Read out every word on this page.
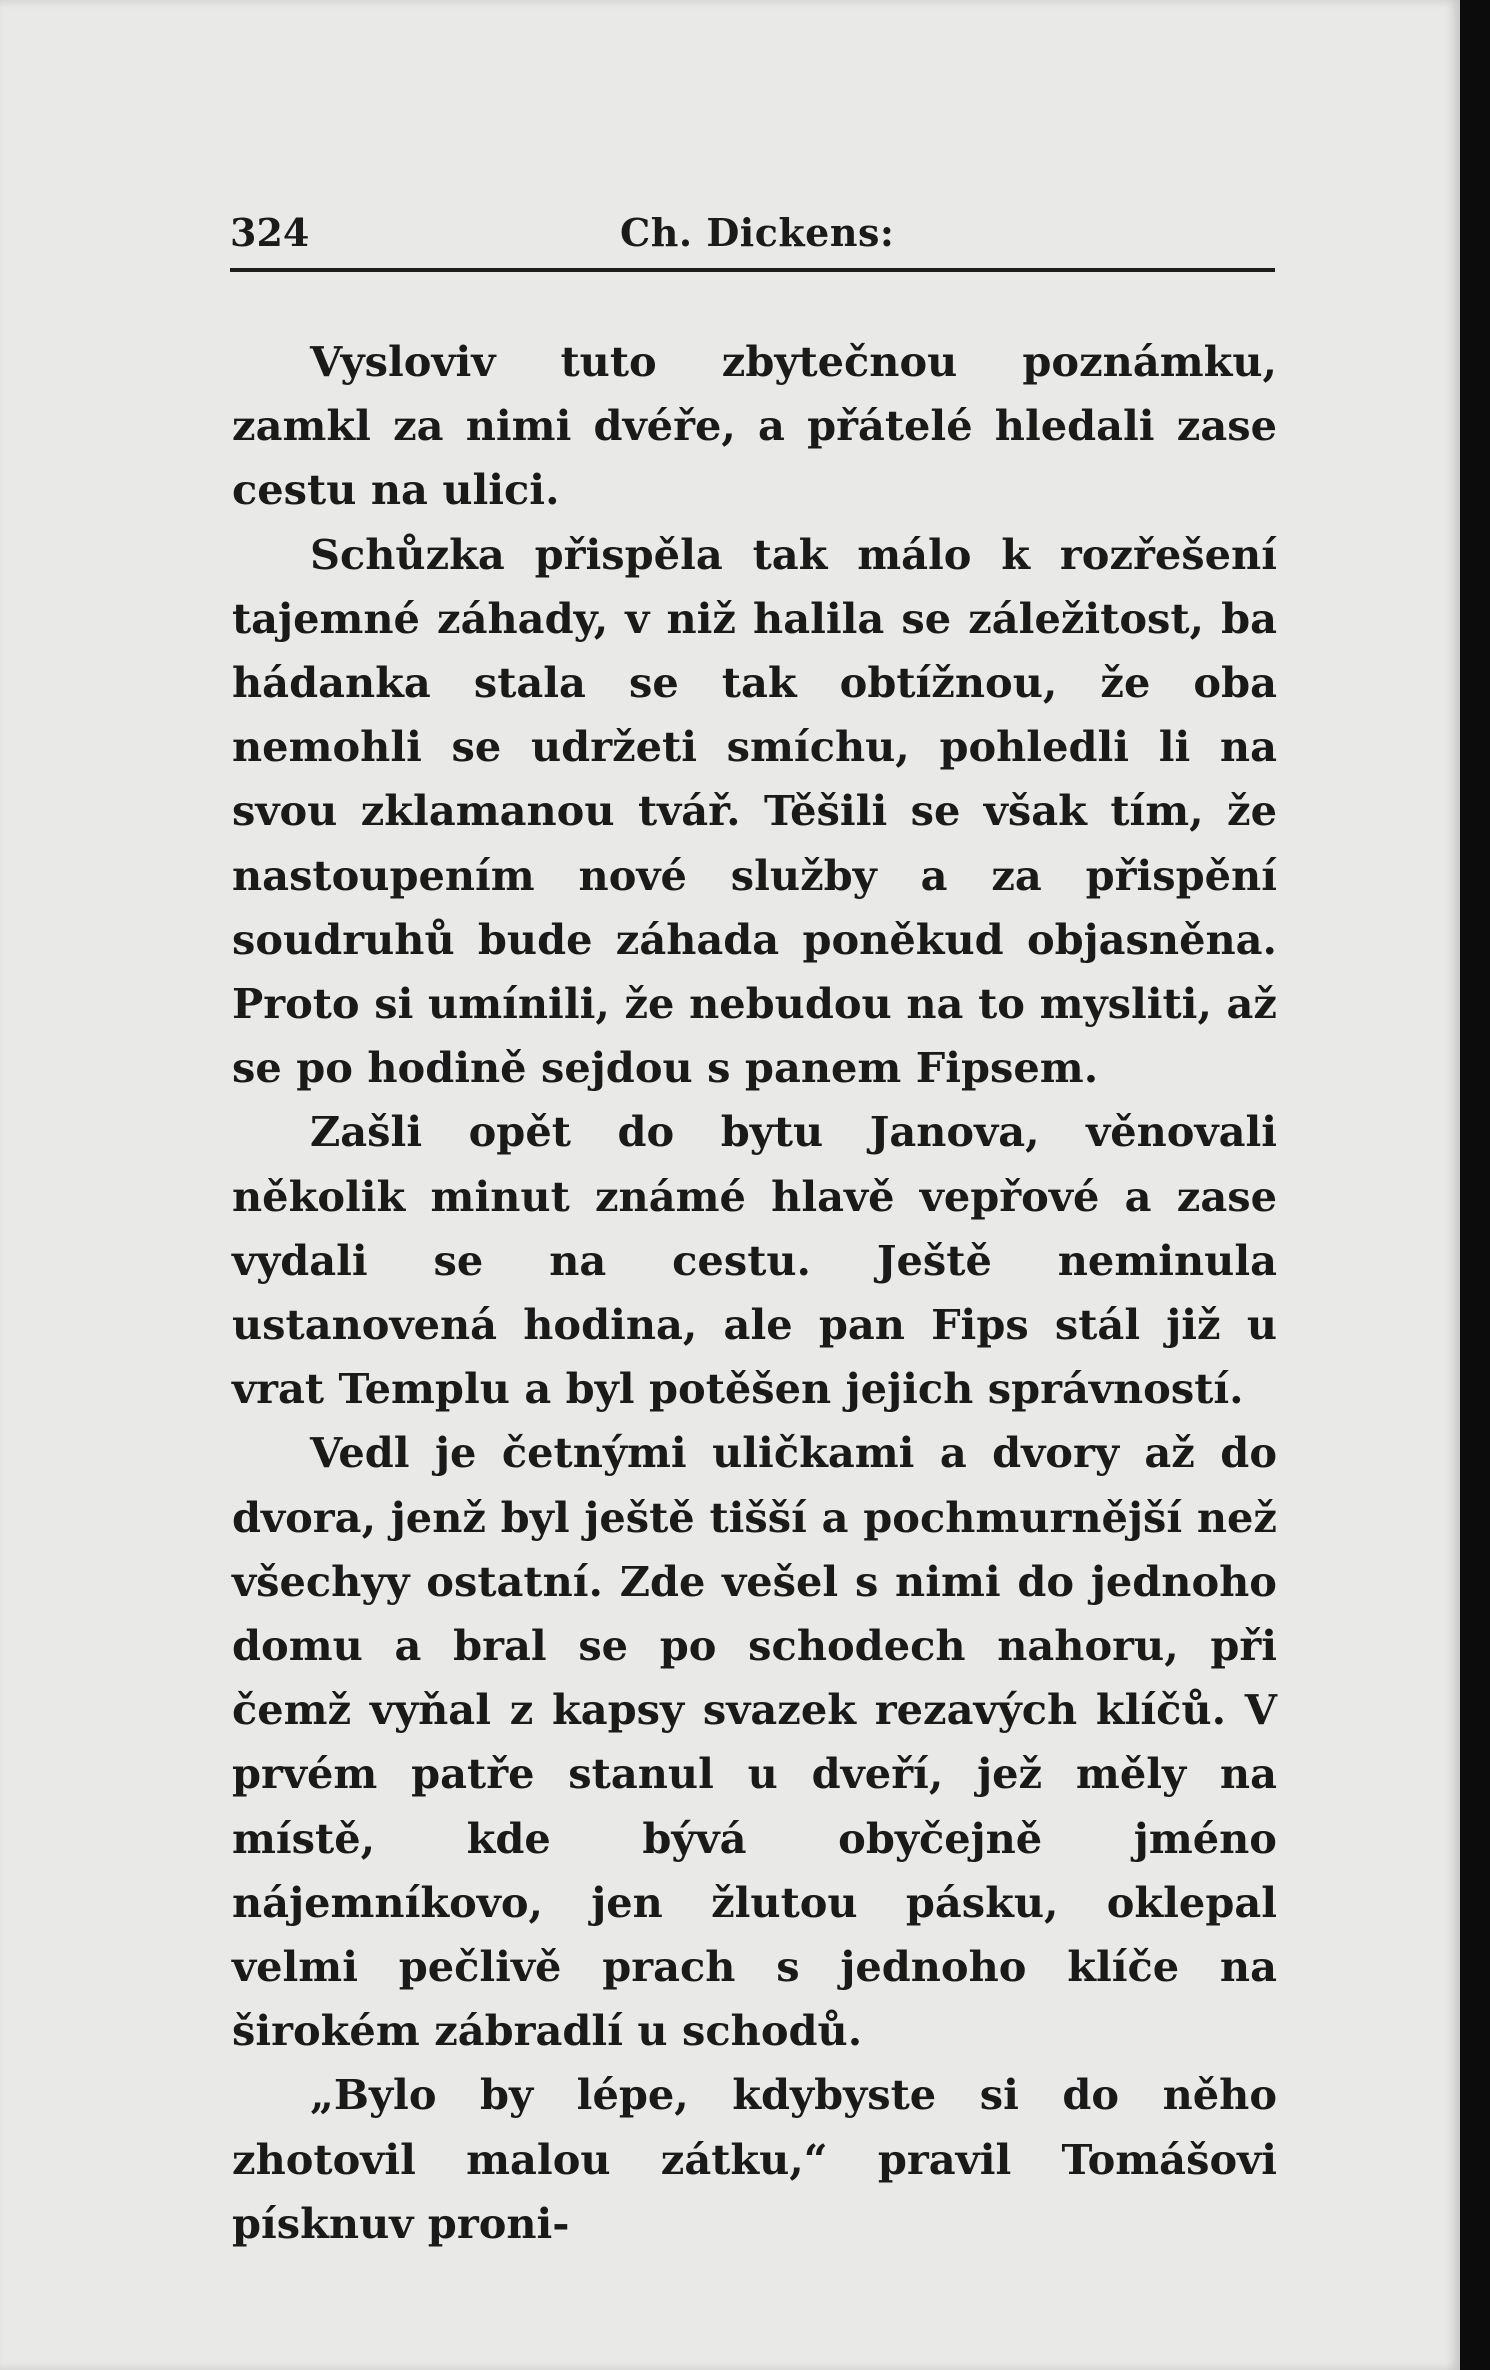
324	Ch. Dickens:

Vysloviv tuto zbytečnou poznámku, zamkl za nimi dvéře, a přátelé hledali zase cestu na ulici.

Schůzka přispěla tak málo k rozřešení tajemné záhady, v niž halila se záležitost, ba hádanka stala se tak obtížnou, že oba nemohli se udržeti smíchu, pohledli li na svou zklamanou tvář. Těšili se však tím, že nastoupením nové služby a za přispění soudruhů bude záhada poněkud objasněna. Proto si umínili, že nebudou na to mysliti, až se po hodině sejdou s panem Fipsem.

Zašli opět do bytu Janova, věnovali několik minut známé hlavě vepřové a zase vydali se na cestu. Ještě neminula ustanovená hodina, ale pan Fips stál již u vrat Templu a byl potěšen jejich správností.

Vedl je četnými uličkami a dvory až do dvora, jenž byl ještě tišší a pochmurnější než všechyy ostatní. Zde vešel s nimi do jednoho domu a bral se po schodech nahoru, při čemž vyňal z kapsy svazek rezavých klíčů. V prvém patře stanul u dveří, jež měly na místě, kde bývá obyčejně jméno nájemníkovo, jen žlutou pásku, oklepal velmi pečlivě prach s jednoho klíče na širokém zábradlí u schodů.

„Bylo by lépe, kdybyste si do něho zhotovil malou zátku,“ pravil Tomášovi písknuv proni-
